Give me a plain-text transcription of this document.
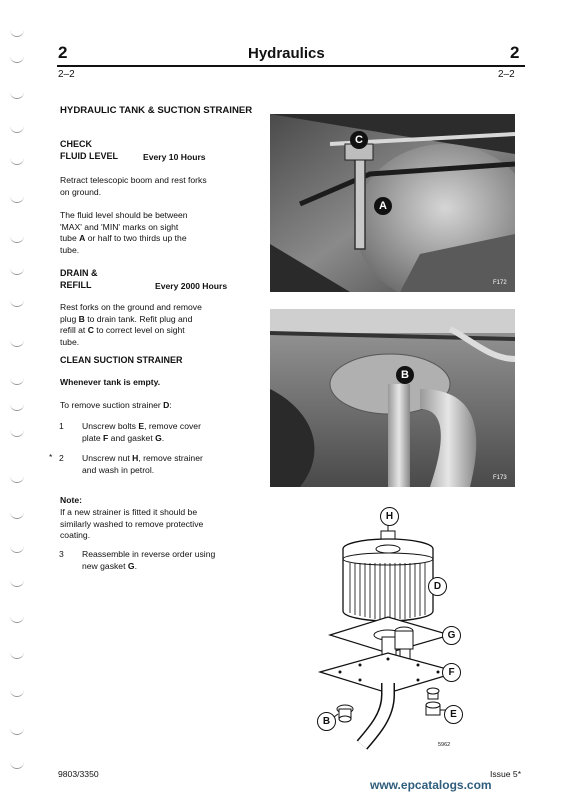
2	Hydraulics	2
2–2	2–2
HYDRAULIC TANK & SUCTION STRAINER
CHECK
FLUID LEVEL	Every 10 Hours
Retract telescopic boom and rest forks
on ground.
The fluid level should be between
'MAX' and 'MIN' marks on sight
tube A or half to two thirds up the
tube.
DRAIN &
REFILL	Every 2000 Hours
Rest forks on the ground and remove
plug B to drain tank. Refit plug and
refill at C to correct level on sight
tube.
CLEAN SUCTION STRAINER
Whenever tank is empty.
To remove suction strainer D:
1 Unscrew bolts E, remove cover
plate F and gasket G.
* 2 Unscrew nut H, remove strainer
and wash in petrol.
Note:
If a new strainer is fitted it should be
similarly washed to remove protective
coating.
3 Reassemble in reverse order using
new gasket G.
C
A
F172
B
F173
H
D
G
F
B
E
5962
9803/3350	Issue 5*
www.epcatalogs.com
